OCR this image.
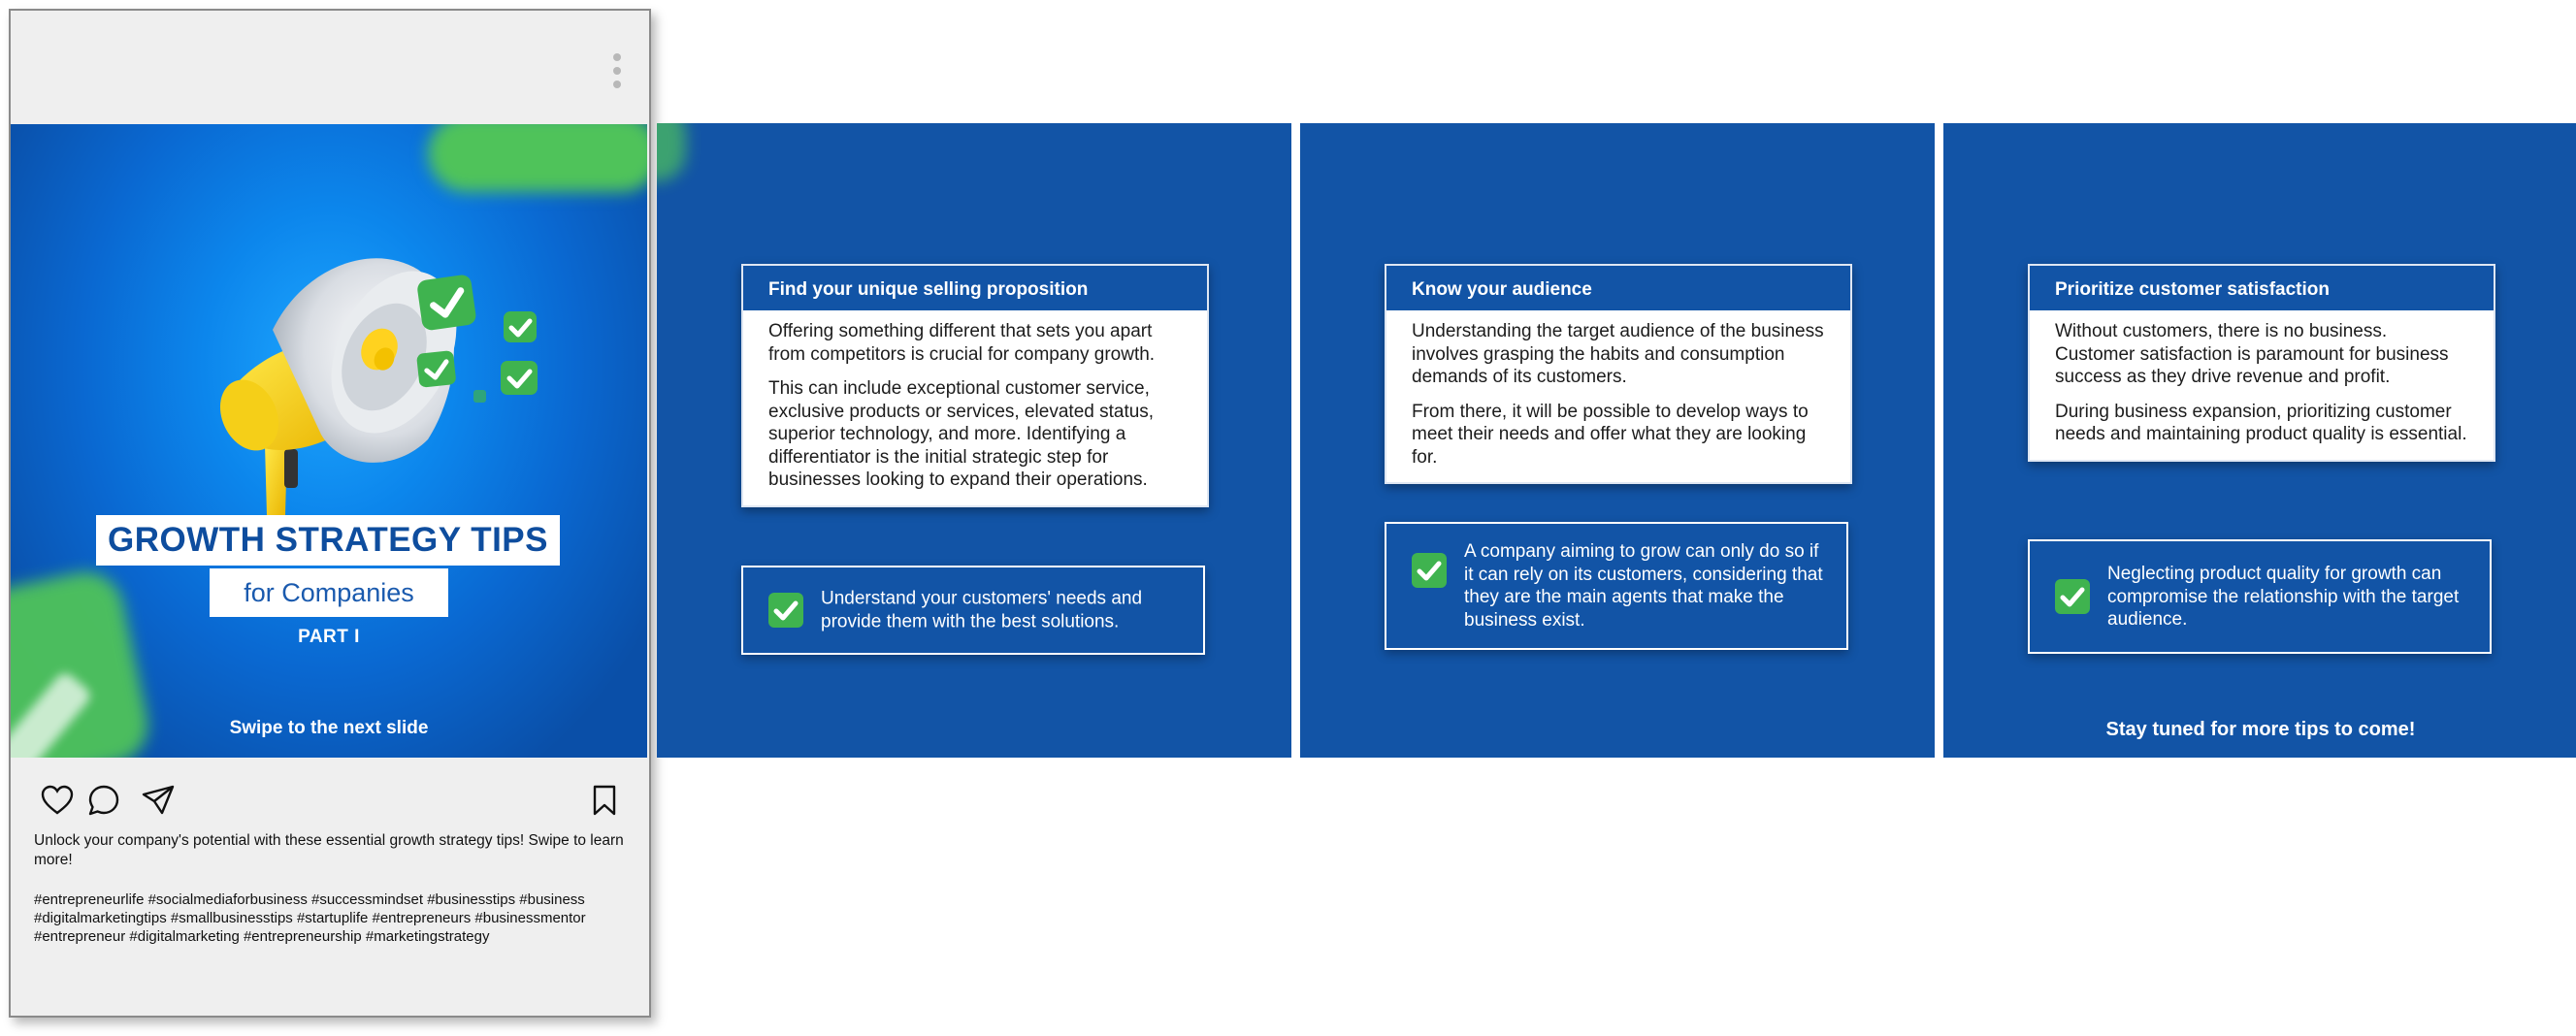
GROWTH STRATEGY TIPS
for Companies
PART I
Swipe to the next slide
Unlock your company's potential with these essential growth strategy tips! Swipe to learn more!
#entrepreneurlife #socialmediaforbusiness #successmindset #businesstips #business #digitalmarketingtips #smallbusinesstips #startuplife #entrepreneurs #businessmentor #entrepreneur #digitalmarketing #entrepreneurship #marketingstrategy
Find your unique selling proposition

Offering something different that sets you apart from competitors is crucial for company growth.

This can include exceptional customer service, exclusive products or services, elevated status, superior technology, and more. Identifying a differentiator is the initial strategic step for businesses looking to expand their operations.

Understand your customers' needs and provide them with the best solutions.
Know your audience

Understanding the target audience of the business involves grasping the habits and consumption demands of its customers.

From there, it will be possible to develop ways to meet their needs and offer what they are looking for.

A company aiming to grow can only do so if it can rely on its customers, considering that they are the main agents that make the business exist.
Prioritize customer satisfaction

Without customers, there is no business. Customer satisfaction is paramount for business success as they drive revenue and profit.

During business expansion, prioritizing customer needs and maintaining product quality is essential.

Neglecting product quality for growth can compromise the relationship with the target audience.
Stay tuned for more tips to come!
